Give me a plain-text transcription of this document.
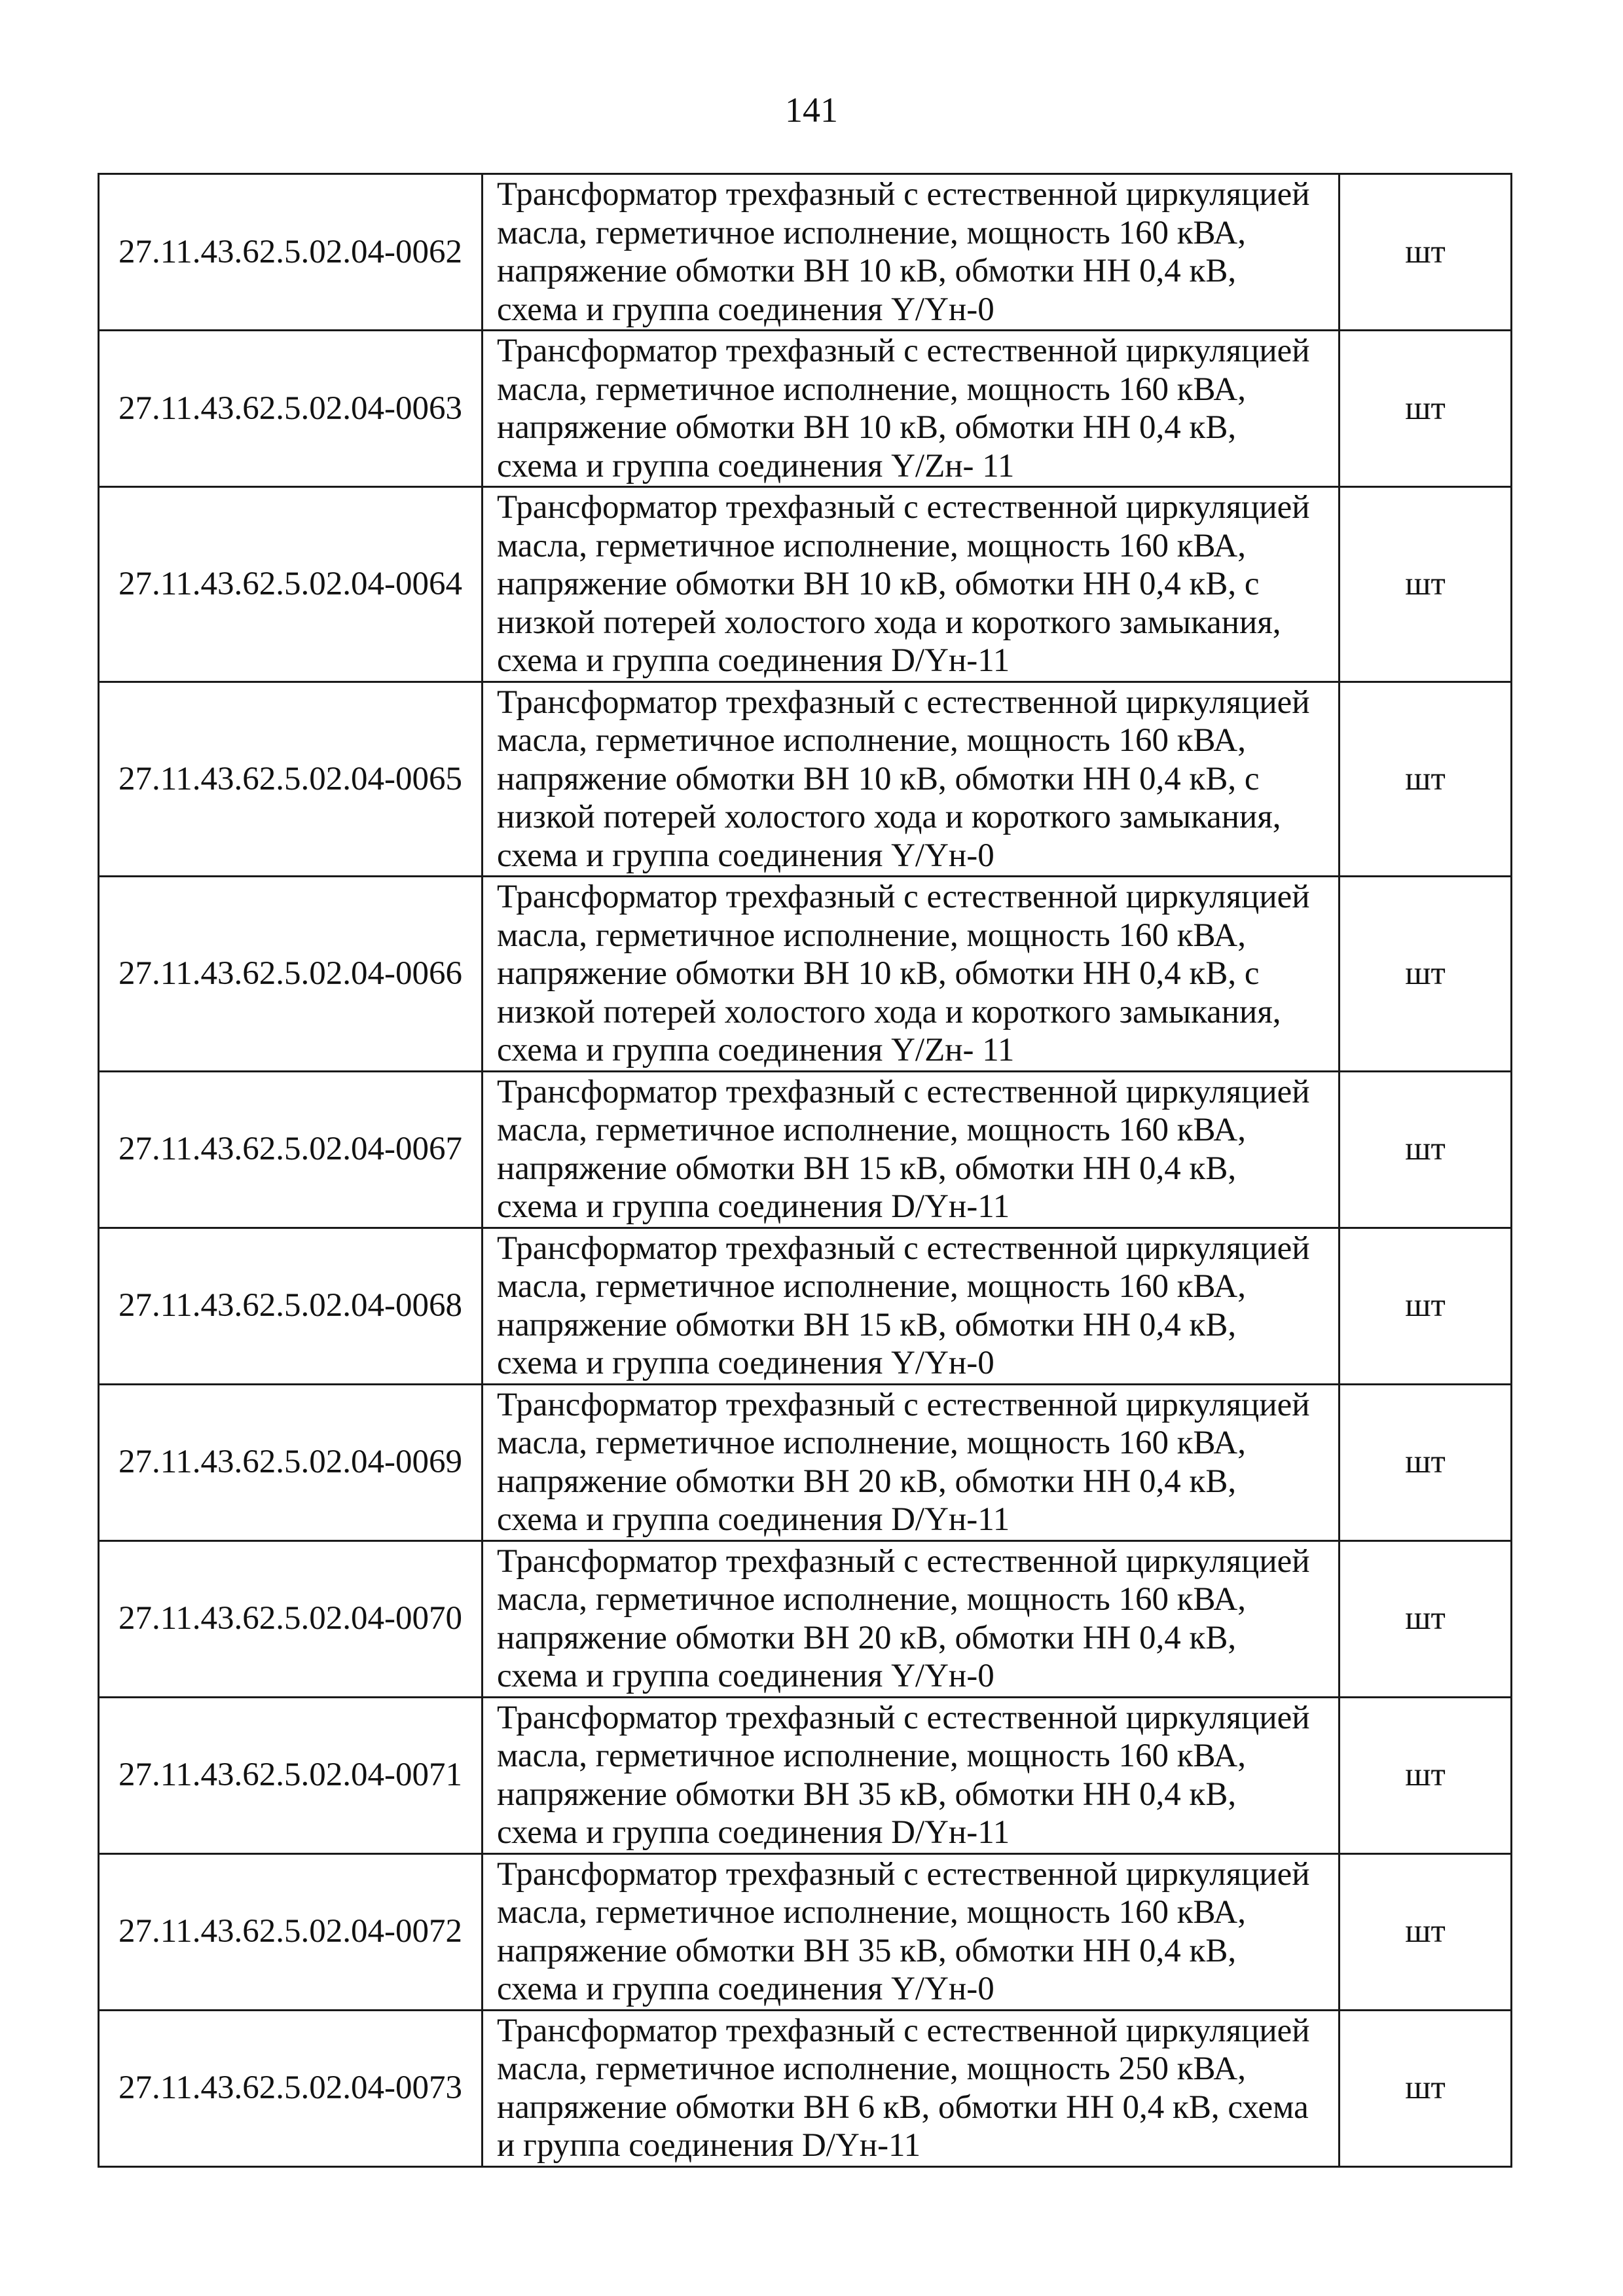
141
27.11.43.62.5.02.04-0062	Трансформатор трехфазный с естественной циркуляцией
масла, герметичное исполнение, мощность 160 кВА,
напряжение обмотки ВН 10 кВ, обмотки НН 0,4 кВ,
схема и группа соединения Y/Yн-0	шт
27.11.43.62.5.02.04-0063	Трансформатор трехфазный с естественной циркуляцией
масла, герметичное исполнение, мощность 160 кВА,
напряжение обмотки ВН 10 кВ, обмотки НН 0,4 кВ,
схема и группа соединения Y/Zн- 11	шт
27.11.43.62.5.02.04-0064	Трансформатор трехфазный с естественной циркуляцией
масла, герметичное исполнение, мощность 160 кВА,
напряжение обмотки ВН 10 кВ, обмотки НН 0,4 кВ, с
низкой потерей холостого хода и короткого замыкания,
схема и группа соединения D/Yн-11	шт
27.11.43.62.5.02.04-0065	Трансформатор трехфазный с естественной циркуляцией
масла, герметичное исполнение, мощность 160 кВА,
напряжение обмотки ВН 10 кВ, обмотки НН 0,4 кВ, с
низкой потерей холостого хода и короткого замыкания,
схема и группа соединения Y/Yн-0	шт
27.11.43.62.5.02.04-0066	Трансформатор трехфазный с естественной циркуляцией
масла, герметичное исполнение, мощность 160 кВА,
напряжение обмотки ВН 10 кВ, обмотки НН 0,4 кВ, с
низкой потерей холостого хода и короткого замыкания,
схема и группа соединения Y/Zн- 11	шт
27.11.43.62.5.02.04-0067	Трансформатор трехфазный с естественной циркуляцией
масла, герметичное исполнение, мощность 160 кВА,
напряжение обмотки ВН 15 кВ, обмотки НН 0,4 кВ,
схема и группа соединения D/Yн-11	шт
27.11.43.62.5.02.04-0068	Трансформатор трехфазный с естественной циркуляцией
масла, герметичное исполнение, мощность 160 кВА,
напряжение обмотки ВН 15 кВ, обмотки НН 0,4 кВ,
схема и группа соединения Y/Yн-0	шт
27.11.43.62.5.02.04-0069	Трансформатор трехфазный с естественной циркуляцией
масла, герметичное исполнение, мощность 160 кВА,
напряжение обмотки ВН 20 кВ, обмотки НН 0,4 кВ,
схема и группа соединения D/Yн-11	шт
27.11.43.62.5.02.04-0070	Трансформатор трехфазный с естественной циркуляцией
масла, герметичное исполнение, мощность 160 кВА,
напряжение обмотки ВН 20 кВ, обмотки НН 0,4 кВ,
схема и группа соединения Y/Yн-0	шт
27.11.43.62.5.02.04-0071	Трансформатор трехфазный с естественной циркуляцией
масла, герметичное исполнение, мощность 160 кВА,
напряжение обмотки ВН 35 кВ, обмотки НН 0,4 кВ,
схема и группа соединения D/Yн-11	шт
27.11.43.62.5.02.04-0072	Трансформатор трехфазный с естественной циркуляцией
масла, герметичное исполнение, мощность 160 кВА,
напряжение обмотки ВН 35 кВ, обмотки НН 0,4 кВ,
схема и группа соединения Y/Yн-0	шт
27.11.43.62.5.02.04-0073	Трансформатор трехфазный с естественной циркуляцией
масла, герметичное исполнение, мощность 250 кВА,
напряжение обмотки ВН 6 кВ, обмотки НН 0,4 кВ, схема
и группа соединения D/Yн-11	шт
